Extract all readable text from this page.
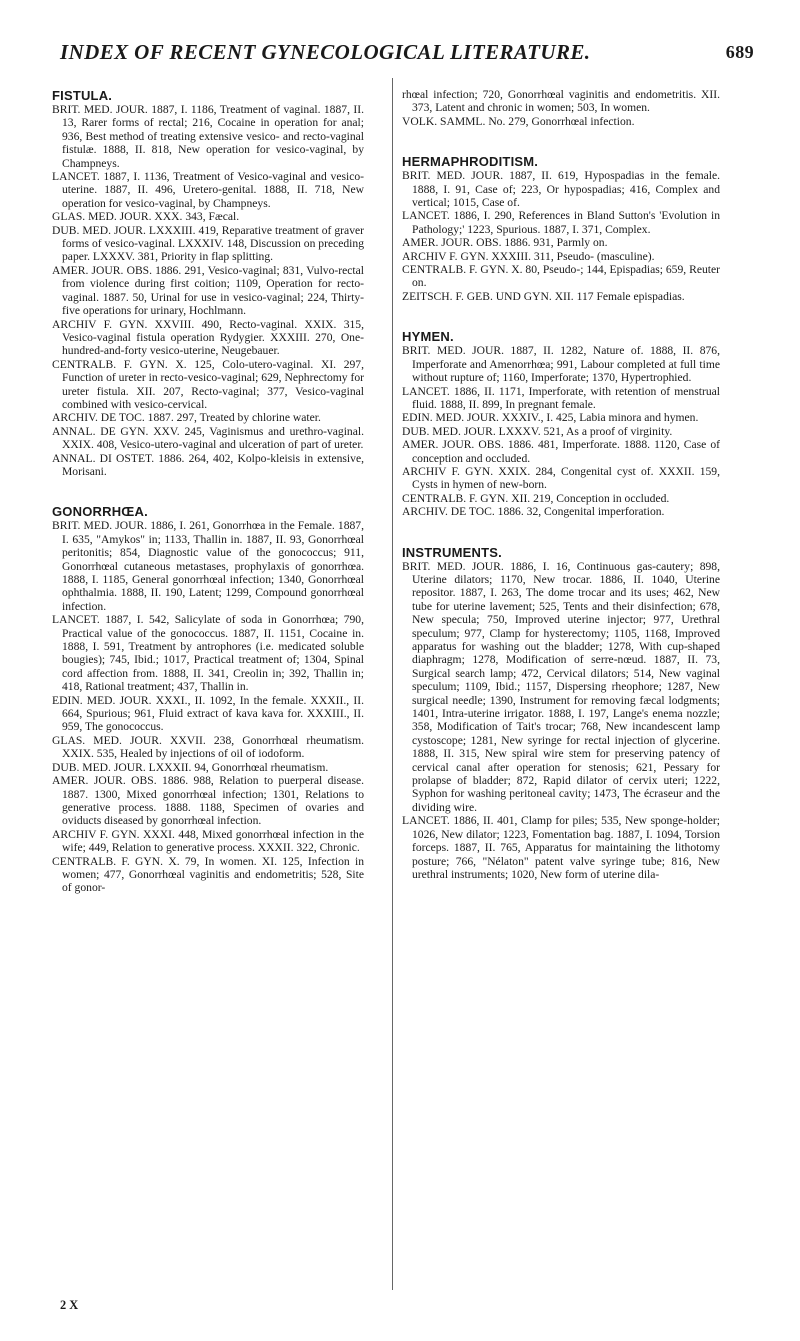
INDEX OF RECENT GYNECOLOGICAL LITERATURE.	689
FISTULA.

BRIT. MED. JOUR. 1887, I. 1186, Treatment of vaginal. 1887, II. 13, Rarer forms of rectal; 216, Cocaine in operation for anal; 936, Best method of treating extensive vesico- and recto-vaginal fistulæ. 1888, II. 818, New operation for vesico-vaginal, by Champneys.

LANCET. 1887, I. 1136, Treatment of Vesico-vaginal and vesico-uterine. 1887, II. 496, Uretero-genital. 1888, II. 718, New operation for vesico-vaginal, by Champneys.

GLAS. MED. JOUR. XXX. 343, Fæcal.

DUB. MED. JOUR. LXXXIII. 419, Reparative treatment of graver forms of vesico-vaginal. LXXXIV. 148, Discussion on preceding paper. LXXXV. 381, Priority in flap splitting.

AMER. JOUR. OBS. 1886. 291, Vesico-vaginal; 831, Vulvo-rectal from violence during first coition; 1109, Operation for recto-vaginal. 1887. 50, Urinal for use in vesico-vaginal; 224, Thirty-five operations for urinary, Hochlmann.

ARCHIV F. GYN. XXVIII. 490, Recto-vaginal. XXIX. 315, Vesico-vaginal fistula operation Rydygier. XXXIII. 270, One-hundred-and-forty vesico-uterine, Neugebauer.

CENTRALB. F. GYN. X. 125, Colo-utero-vaginal. XI. 297, Function of ureter in recto-vesico-vaginal; 629, Nephrectomy for ureter fistula. XII. 207, Recto-vaginal; 377, Vesico-vaginal combined with vesico-cervical.

ARCHIV. DE TOC. 1887. 297, Treated by chlorine water.

ANNAL. DE GYN. XXV. 245, Vaginismus and urethro-vaginal. XXIX. 408, Vesico-utero-vaginal and ulceration of part of ureter.

ANNAL. DI OSTET. 1886. 264, 402, Kolpo-kleisis in extensive, Morisani.

GONORRHŒA.

BRIT. MED. JOUR. 1886, I. 261, Gonorrhœa in the Female. 1887, I. 635, "Amykos" in; 1133, Thallin in. 1887, II. 93, Gonorrhœal peritonitis; 854, Diagnostic value of the gonococcus; 911, Gonorrhœal cutaneous metastases, prophylaxis of gonorrhœa. 1888, I. 1185, General gonorrhœal infection; 1340, Gonorrhœal ophthalmia. 1888, II. 190, Latent; 1299, Compound gonorrhœal infection.

LANCET. 1887, I. 542, Salicylate of soda in Gonorrhœa; 790, Practical value of the gonococcus. 1887, II. 1151, Cocaine in. 1888, I. 591, Treatment by antrophores (i.e. medicated soluble bougies); 745, Ibid.; 1017, Practical treatment of; 1304, Spinal cord affection from. 1888, II. 341, Creolin in; 392, Thallin in; 418, Rational treatment; 437, Thallin in.

EDIN. MED. JOUR. XXXI., II. 1092, In the female. XXXII., II. 664, Spurious; 961, Fluid extract of kava kava for. XXXIII., II. 959, The gonococcus.

GLAS. MED. JOUR. XXVII. 238, Gonorrhœal rheumatism. XXIX. 535, Healed by injections of oil of iodoform.

DUB. MED. JOUR. LXXXII. 94, Gonorrhœal rheumatism.

AMER. JOUR. OBS. 1886. 988, Relation to puerperal disease. 1887. 1300, Mixed gonorrhœal infection; 1301, Relations to generative process. 1888. 1188, Specimen of ovaries and oviducts diseased by gonorrhœal infection.

ARCHIV F. GYN. XXXI. 448, Mixed gonorrhœal infection in the wife; 449, Relation to generative process. XXXII. 322, Chronic.

CENTRALB. F. GYN. X. 79, In women. XI. 125, Infection in women; 477, Gonorrhœal vaginitis and endometritis; 528, Site of gonor-

rhœal infection; 720, Gonorrhœal vaginitis and endometritis. XII. 373, Latent and chronic in women; 503, In women.

VOLK. SAMML. No. 279, Gonorrhœal infection.

HERMAPHRODITISM.

BRIT. MED. JOUR. 1887, II. 619, Hypospadias in the female. 1888, I. 91, Case of; 223, Or hypospadias; 416, Complex and vertical; 1015, Case of.

LANCET. 1886, I. 290, References in Bland Sutton's 'Evolution in Pathology;' 1223, Spurious. 1887, I. 371, Complex.

AMER. JOUR. OBS. 1886. 931, Parmly on.

ARCHIV F. GYN. XXXIII. 311, Pseudo- (masculine).

CENTRALB. F. GYN. X. 80, Pseudo-; 144, Epispadias; 659, Reuter on.

ZEITSCH. F. GEB. UND GYN. XII. 117 Female epispadias.

HYMEN.

BRIT. MED. JOUR. 1887, II. 1282, Nature of. 1888, II. 876, Imperforate and Amenorrhœa; 991, Labour completed at full time without rupture of; 1160, Imperforate; 1370, Hypertrophied.

LANCET. 1886, II. 1171, Imperforate, with retention of menstrual fluid. 1888, II. 899, In pregnant female.

EDIN. MED. JOUR. XXXIV., I. 425, Labia minora and hymen.

DUB. MED. JOUR. LXXXV. 521, As a proof of virginity.

AMER. JOUR. OBS. 1886. 481, Imperforate. 1888. 1120, Case of conception and occluded.

ARCHIV F. GYN. XXIX. 284, Congenital cyst of. XXXII. 159, Cysts in hymen of new-born.

CENTRALB. F. GYN. XII. 219, Conception in occluded.

ARCHIV. DE TOC. 1886. 32, Congenital imperforation.

INSTRUMENTS.

BRIT. MED. JOUR. 1886, I. 16, Continuous gas-cautery; 898, Uterine dilators; 1170, New trocar. 1886, II. 1040, Uterine repositor. 1887, I. 263, The dome trocar and its uses; 462, New tube for uterine lavement; 525, Tents and their disinfection; 678, New specula; 750, Improved uterine injector; 977, Urethral speculum; 977, Clamp for hysterectomy; 1105, 1168, Improved apparatus for washing out the bladder; 1278, With cup-shaped diaphragm; 1278, Modification of serre-nœud. 1887, II. 73, Surgical search lamp; 472, Cervical dilators; 514, New vaginal speculum; 1109, Ibid.; 1157, Dispersing rheophore; 1287, New surgical needle; 1390, Instrument for removing fæcal lodgments; 1401, Intra-uterine irrigator. 1888, I. 197, Lange's enema nozzle; 358, Modification of Tait's trocar; 768, New incandescent lamp cystoscope; 1281, New syringe for rectal injection of glycerine. 1888, II. 315, New spiral wire stem for preserving patency of cervical canal after operation for stenosis; 621, Pessary for prolapse of bladder; 872, Rapid dilator of cervix uteri; 1222, Syphon for washing peritoneal cavity; 1473, The écraseur and the dividing wire.

LANCET. 1886, II. 401, Clamp for piles; 535, New sponge-holder; 1026, New dilator; 1223, Fomentation bag. 1887, I. 1094, Torsion forceps. 1887, II. 765, Apparatus for maintaining the lithotomy posture; 766, "Nélaton" patent valve syringe tube; 816, New urethral instruments; 1020, New form of uterine dila-

2 X
